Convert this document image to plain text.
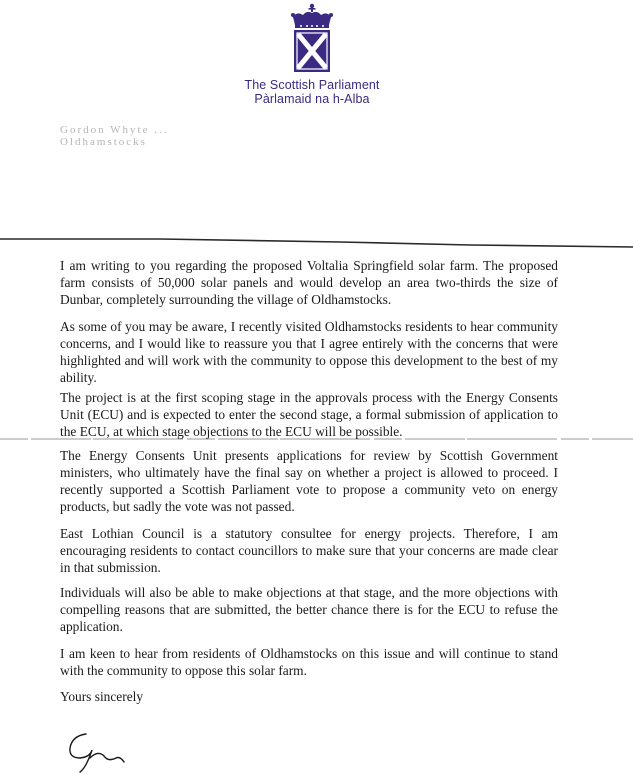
The Scottish Parliament
Pàrlamaid na h-Alba
Gordon Whyte ... Oldhamstocks
I am writing to you regarding the proposed Voltalia Springfield solar farm. The proposed farm consists of 50,000 solar panels and would develop an area two-thirds the size of Dunbar, completely surrounding the village of Oldhamstocks.
As some of you may be aware, I recently visited Oldhamstocks residents to hear community concerns, and I would like to reassure you that I agree entirely with the concerns that were highlighted and will work with the community to oppose this development to the best of my ability.
The project is at the first scoping stage in the approvals process with the Energy Consents Unit (ECU) and is expected to enter the second stage, a formal submission of application to the ECU, at which stage objections to the ECU will be possible.
The Energy Consents Unit presents applications for review by Scottish Government ministers, who ultimately have the final say on whether a project is allowed to proceed. I recently supported a Scottish Parliament vote to propose a community veto on energy products, but sadly the vote was not passed.
East Lothian Council is a statutory consultee for energy projects. Therefore, I am encouraging residents to contact councillors to make sure that your concerns are made clear in that submission.
Individuals will also be able to make objections at that stage, and the more objections with compelling reasons that are submitted, the better chance there is for the ECU to refuse the application.
I am keen to hear from residents of Oldhamstocks on this issue and will continue to stand with the community to oppose this solar farm.
Yours sincerely
